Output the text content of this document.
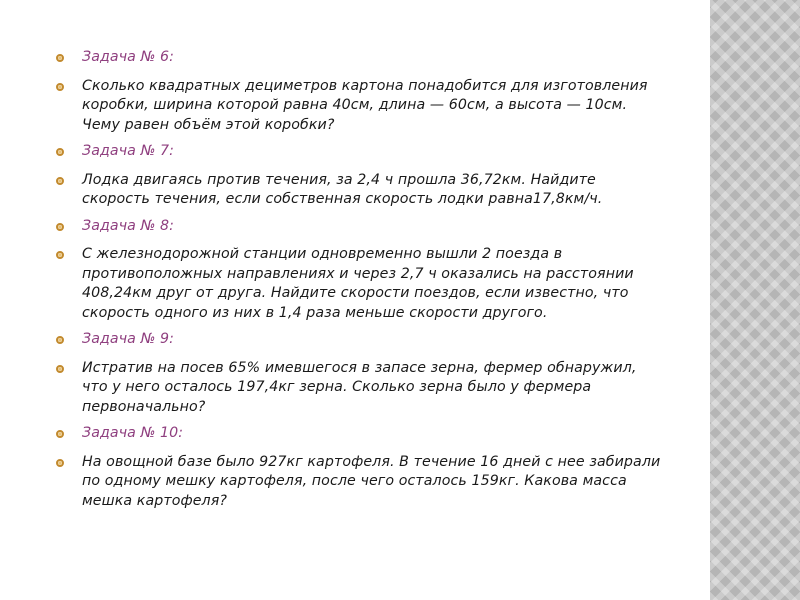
Задача № 6:
Сколько квадратных дециметров картона понадобится для изготовления
коробки, ширина которой равна 40см, длина — 60см, а высота — 10см.
Чему равен объём этой коробки?
Задача № 7:
Лодка двигаясь против течения, за 2,4 ч прошла 36,72км. Найдите
скорость течения, если собственная скорость лодки равна17,8км/ч.
Задача № 8:
С железнодорожной станции одновременно вышли 2 поезда в
противоположных направлениях и через 2,7 ч оказались на расстоянии
408,24км друг от друга. Найдите скорости поездов, если известно, что
скорость одного из них в 1,4 раза меньше скорости другого.
Задача № 9:
Истратив на посев 65% имевшегося в запасе зерна, фермер обнаружил,
что у него осталось 197,4кг зерна. Сколько зерна было у фермера
первоначально?
Задача № 10:
На овощной базе было 927кг картофеля. В течение 16 дней с нее забирали
по одному мешку картофеля, после чего осталось 159кг. Какова масса
мешка картофеля?
